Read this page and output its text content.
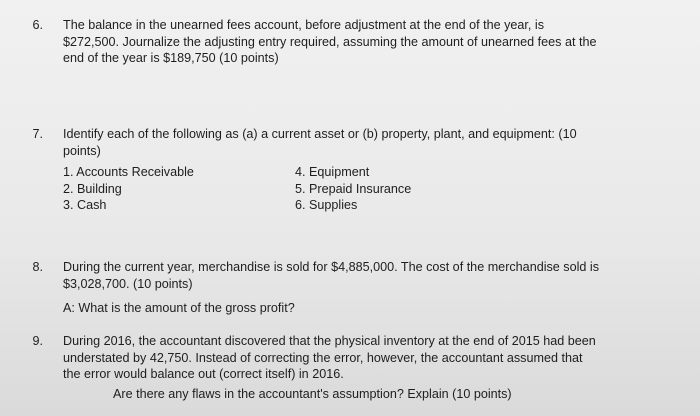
6. The balance in the unearned fees account, before adjustment at the end of the year, is
$272,500. Journalize the adjusting entry required, assuming the amount of unearned fees at the
end of the year is $189,750 (10 points)
7. Identify each of the following as (a) a current asset or (b) property, plant, and equipment: (10
points)
1. Accounts Receivable
2. Building
3. Cash
4. Equipment
5. Prepaid Insurance
6. Supplies
8. During the current year, merchandise is sold for $4,885,000. The cost of the merchandise sold is
$3,028,700. (10 points)
A: What is the amount of the gross profit?
9. During 2016, the accountant discovered that the physical inventory at the end of 2015 had been
understated by 42,750. Instead of correcting the error, however, the accountant assumed that
the error would balance out (correct itself) in 2016.
Are there any flaws in the accountant's assumption? Explain (10 points)
